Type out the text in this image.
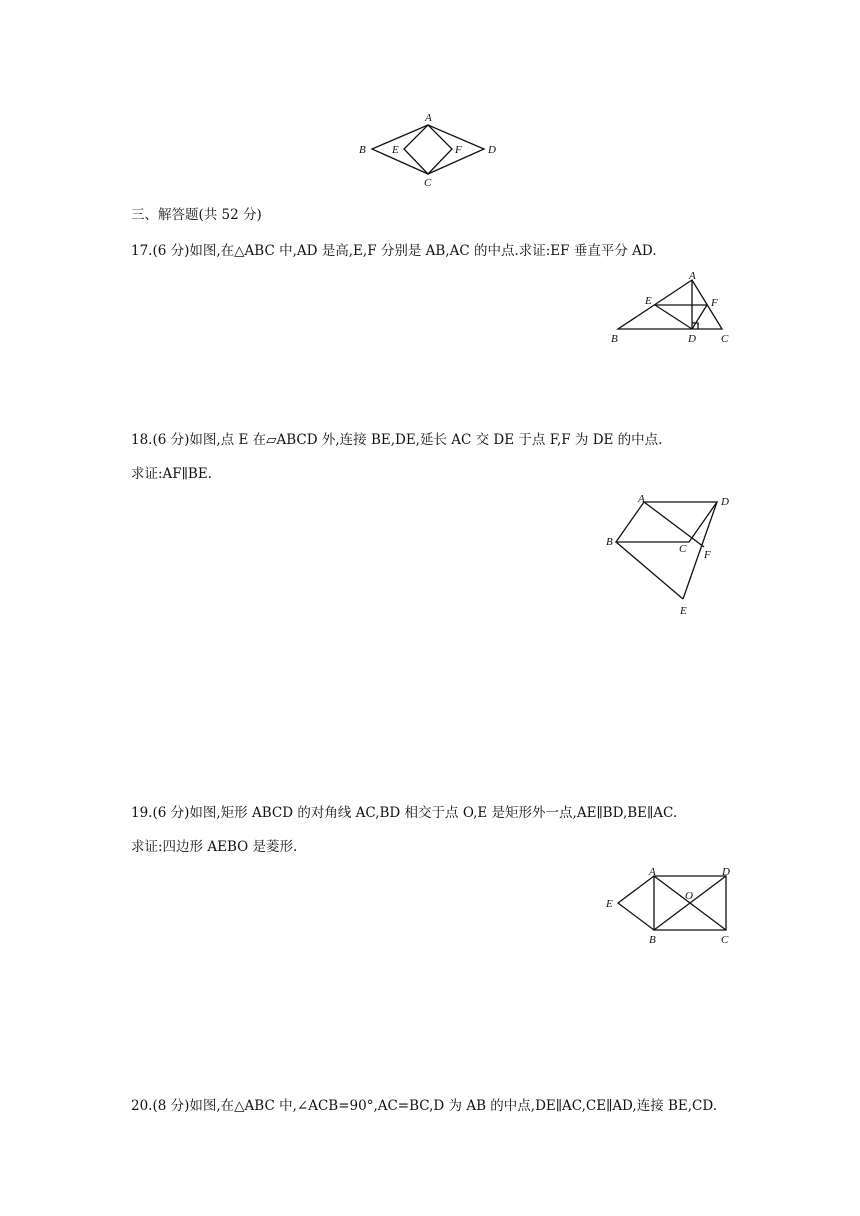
A
B E	F D
C
三、解答题(共 52 分)
17.(6 分)如图,在△ABC 中,AD 是高,E,F 分别是 AB,AC 的中点.求证:EF 垂直平分 AD.
A
E	F
B	D C
18.(6 分)如图,点 E 在▱ABCD 外,连接 BE,DE,延长 AC 交 DE 于点 F,F 为 DE 的中点.
求证:AF∥BE.
A	D
B
C F
E
19.(6 分)如图,矩形 ABCD 的对角线 AC,BD 相交于点 O,E 是矩形外一点,AE∥BD,BE∥AC.
求证:四边形 AEBO 是菱形.
A	D
E
O
B	C
20.(8 分)如图,在△ABC 中,∠ACB=90°,AC=BC,D 为 AB 的中点,DE∥AC,CE∥AD,连接 BE,CD.
